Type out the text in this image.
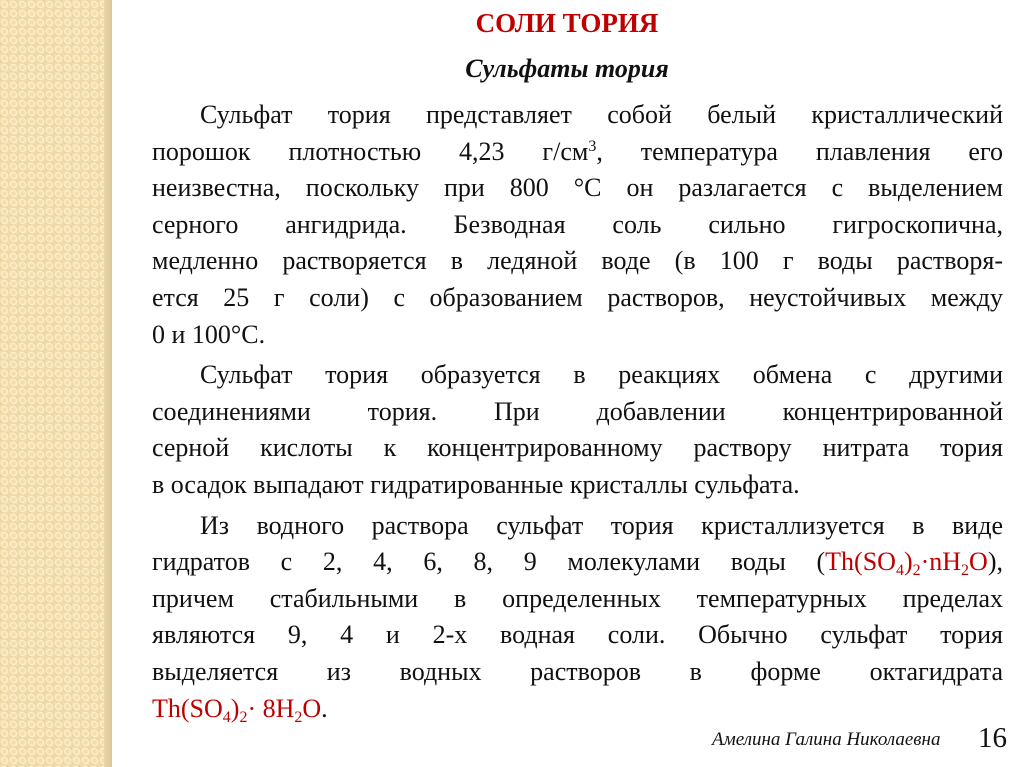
СОЛИ ТОРИЯ
Сульфаты тория
Сульфат тория представляет собой белый кристаллический
порошок плотностью 4,23 $г/см^3$, температура плавления его
неизвестна, поскольку при 800 °С он разлагается с выделением
серного ангидрида. Безводная соль сильно гигроскопична,
медленно растворяется в ледяной воде (в 100 г воды растворя-
ется 25 г соли) с образованием растворов, неустойчивых между
0 и 100°С.
Сульфат тория образуется в реакциях обмена с другими
соединениями тория. При добавлении концентрированной
серной кислоты к концентрированному раствору нитрата тория
в осадок выпадают гидратированные кристаллы сульфата.
Из водного раствора сульфат тория кристаллизуется в виде
гидратов с 2, 4, 6, 8, 9 молекулами воды $(Th(SO_4)_2\cdot nH_2O)$,
причем стабильными в определенных температурных пределах
являются 9, 4 и 2-х водная соли. Обычно сульфат тория
выделяется из водных растворов в форме октагидрата
$Th(SO_4)_2\cdot 8H_2O$.
Амелина Галина Николаевна 16
